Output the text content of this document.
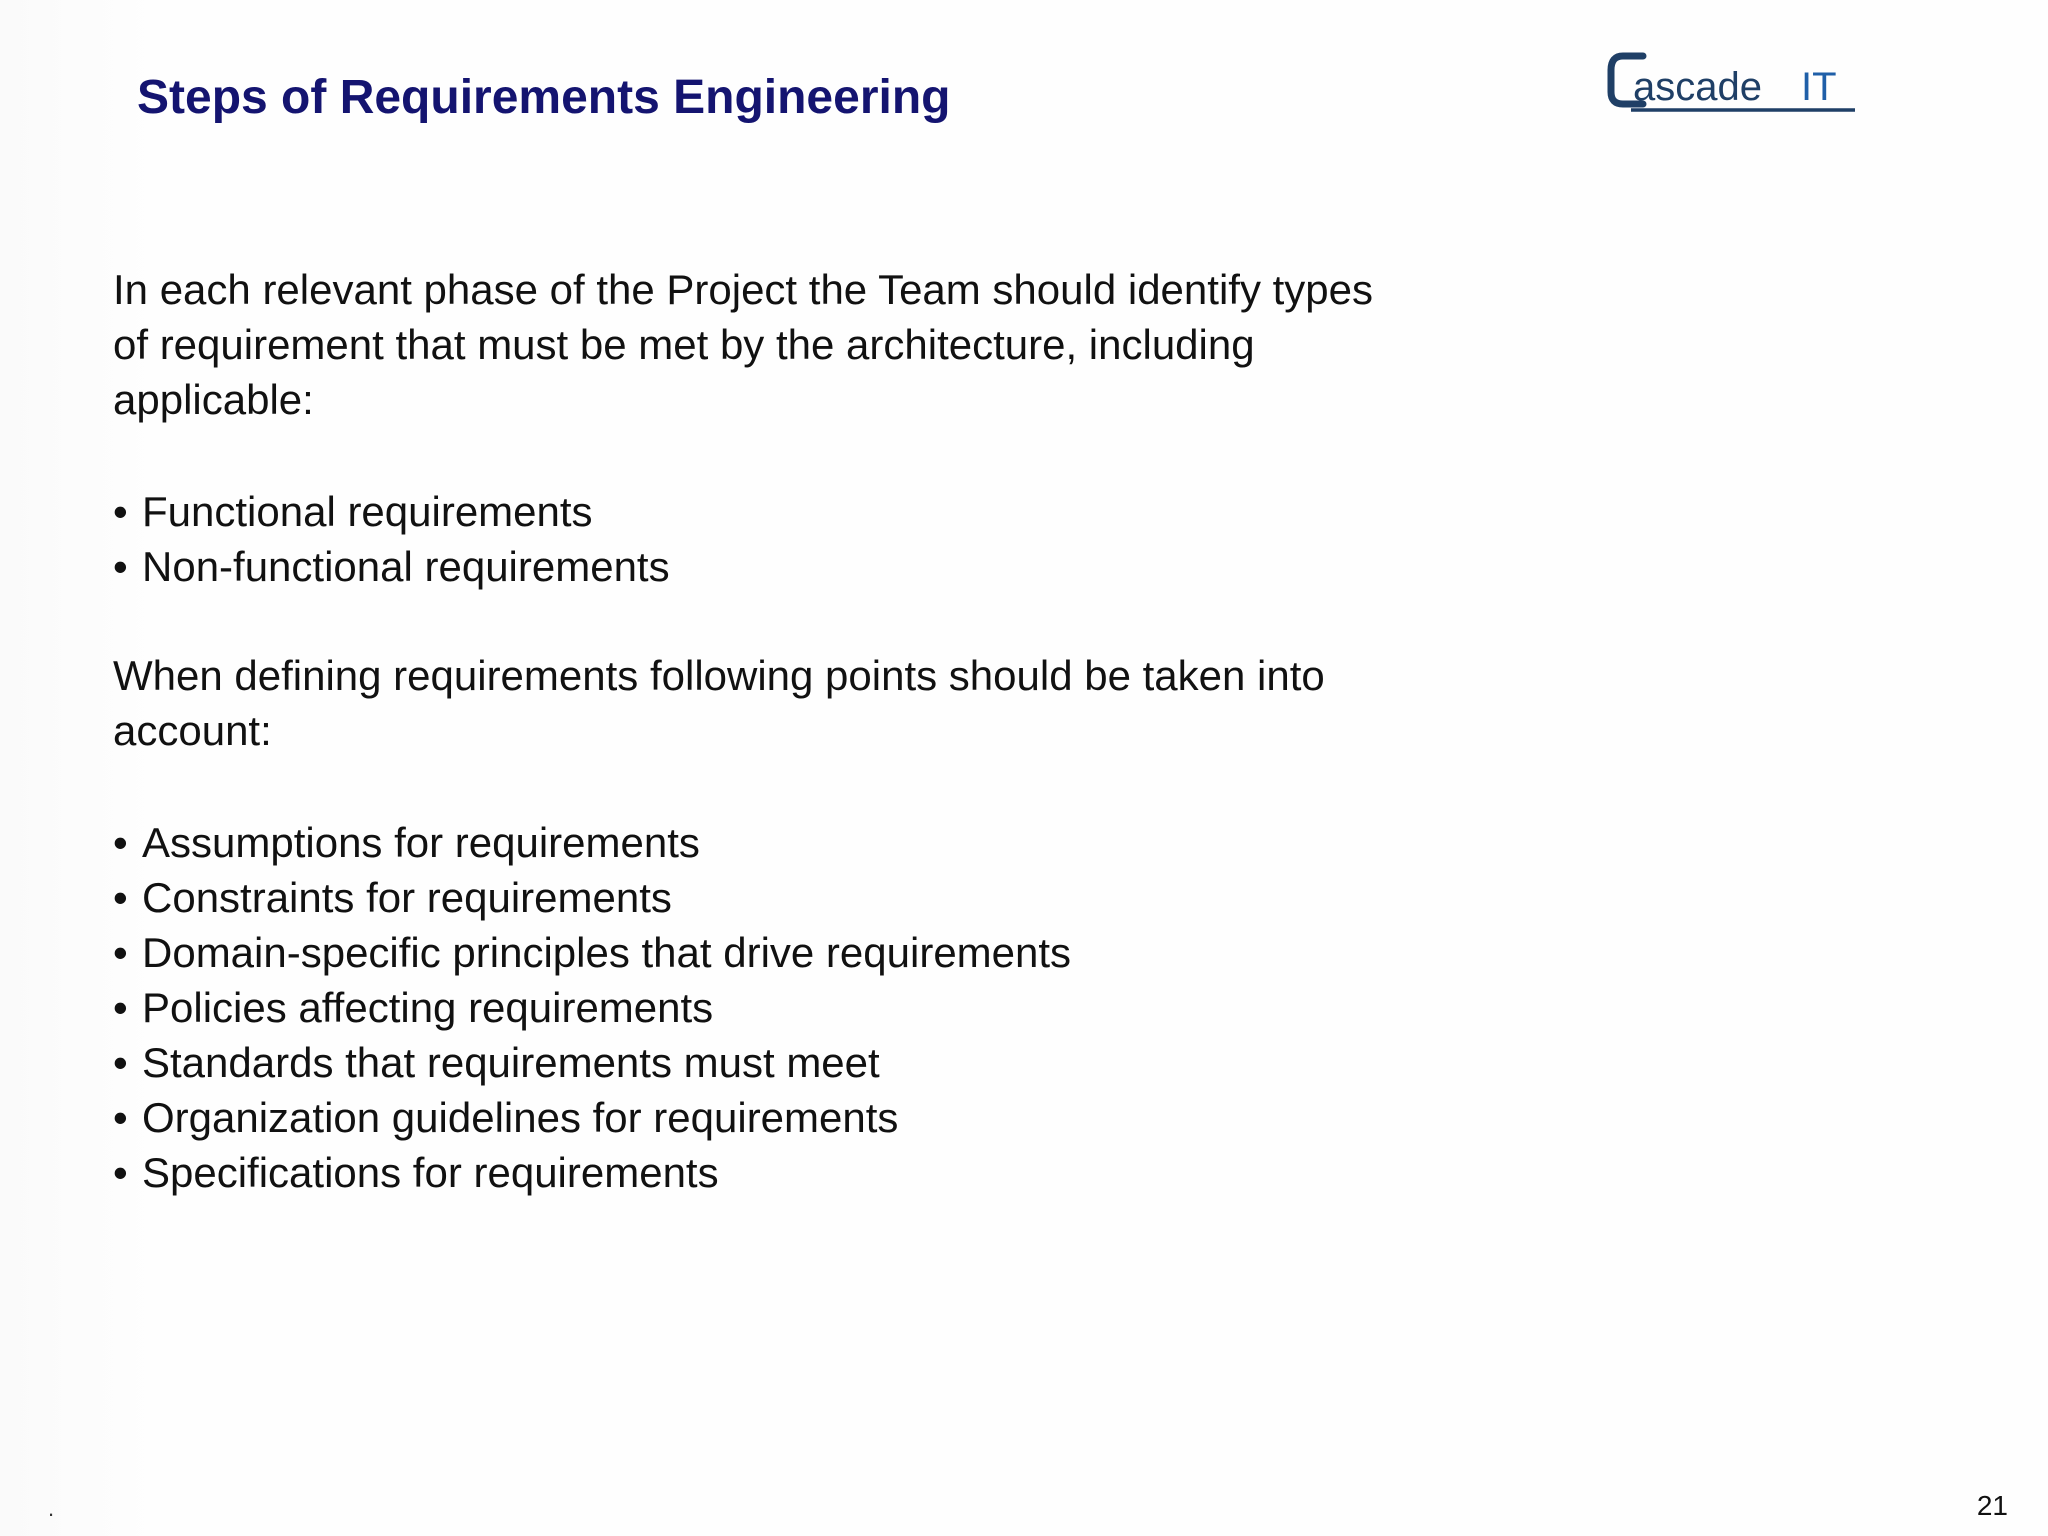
Steps of Requirements Engineering	ascade IT
In each relevant phase of the Project the Team should identify types
of requirement that must be met by the architecture, including
applicable:
• Functional requirements
• Non-functional requirements
When defining requirements following points should be taken into
account:
• Assumptions for requirements
• Constraints for requirements
• Domain-specific principles that drive requirements
• Policies affecting requirements
• Standards that requirements must meet
• Organization guidelines for requirements
• Specifications for requirements
.	21
